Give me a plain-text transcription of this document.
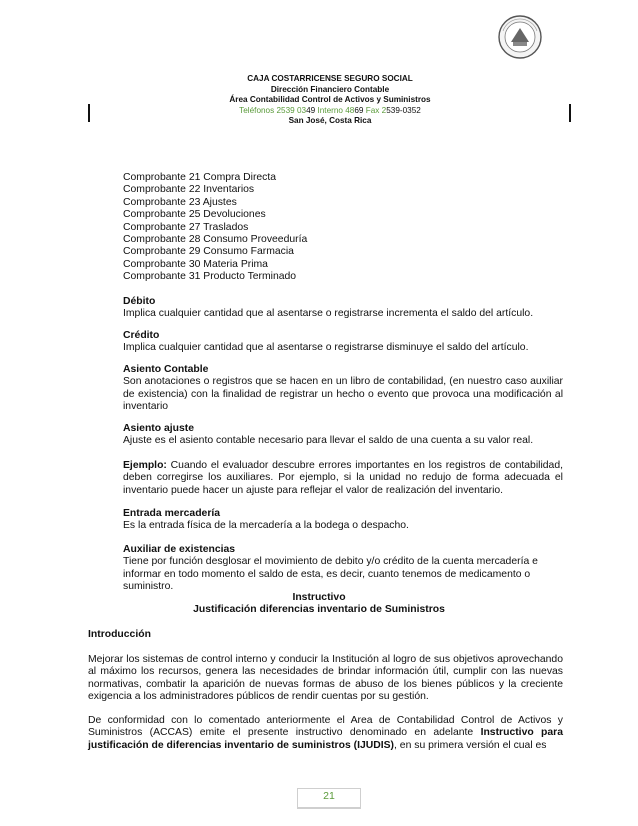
CAJA COSTARRICENSE SEGURO SOCIAL
Dirección Financiero Contable
Área Contabilidad Control de Activos y Suministros
Teléfonos 2539 0349 Interno 4869 Fax 2539-0352
San José, Costa Rica
Comprobante 21 Compra Directa
Comprobante 22 Inventarios
Comprobante 23 Ajustes
Comprobante 25 Devoluciones
Comprobante 27 Traslados
Comprobante 28 Consumo Proveeduría
Comprobante 29 Consumo Farmacia
Comprobante 30 Materia Prima
Comprobante 31 Producto Terminado
Débito
Implica cualquier cantidad que al asentarse o registrarse incrementa el saldo del artículo.
Crédito
Implica cualquier cantidad que al asentarse o registrarse disminuye el saldo del artículo.
Asiento Contable
Son anotaciones o registros que se hacen en un libro de contabilidad, (en nuestro caso auxiliar de existencia) con la finalidad de registrar un hecho o evento que provoca una modificación al inventario
Asiento ajuste
Ajuste es el asiento contable necesario para llevar el saldo de una cuenta a su valor real.
Ejemplo: Cuando el evaluador descubre errores importantes en los registros de contabilidad, deben corregirse los auxiliares. Por ejemplo, si la unidad no redujo de forma adecuada el inventario puede hacer un ajuste para reflejar el valor de realización del inventario.
Entrada mercadería
Es la entrada física de la mercadería a la bodega o despacho.
Auxiliar de existencias
Tiene por función desglosar el movimiento de debito y/o crédito de la cuenta mercadería e
informar en todo momento el saldo de esta, es decir, cuanto tenemos de medicamento o
suministro.
Instructivo
Justificación diferencias inventario de Suministros
Introducción
Mejorar los sistemas de control interno y conducir la Institución al logro de sus objetivos aprovechando al máximo los recursos, genera las necesidades de brindar información útil, cumplir con las nuevas normativas, combatir la aparición de nuevas formas de abuso de los bienes públicos y la creciente exigencia a los administradores públicos de rendir cuentas por su gestión.
De conformidad con lo comentado anteriormente el Area de Contabilidad Control de Activos y Suministros (ACCAS) emite el presente instructivo denominado en adelante Instructivo para justificación de diferencias inventario de suministros (IJUDIS), en su primera versión el cual es
21
